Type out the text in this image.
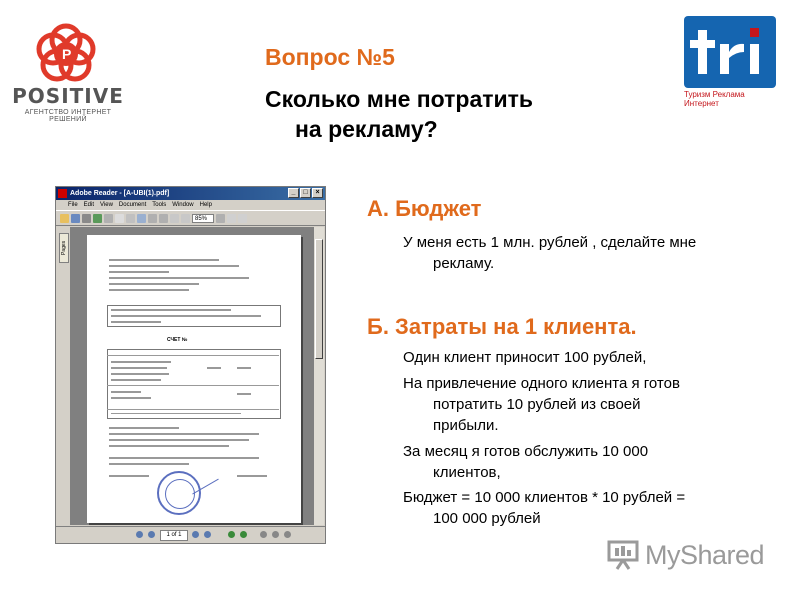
P
POSITIVE
АГЕНТСТВО ИНТЕРНЕТ РЕШЕНИЙ
Туризм Реклама Интернет
Вопрос №5
Сколько мне потратить
на рекламу?
Adobe Reader - [A-UBI(1).pdf]	_	□	×
File Edit View Document Tools Window Help
85%
Pages
СЧЕТ №
1 of 1
А. Бюджет
У меня есть 1 млн. рублей , сделайте мне
рекламу.
Б. Затраты на 1 клиента.
Один клиент приносит 100 рублей,
На привлечение одного клиента я готов
потратить 10 рублей из своей
прибыли.
За месяц я готов обслужить 10 000
клиентов,
Бюджет = 10 000 клиентов * 10 рублей =
100 000 рублей
MyShared
